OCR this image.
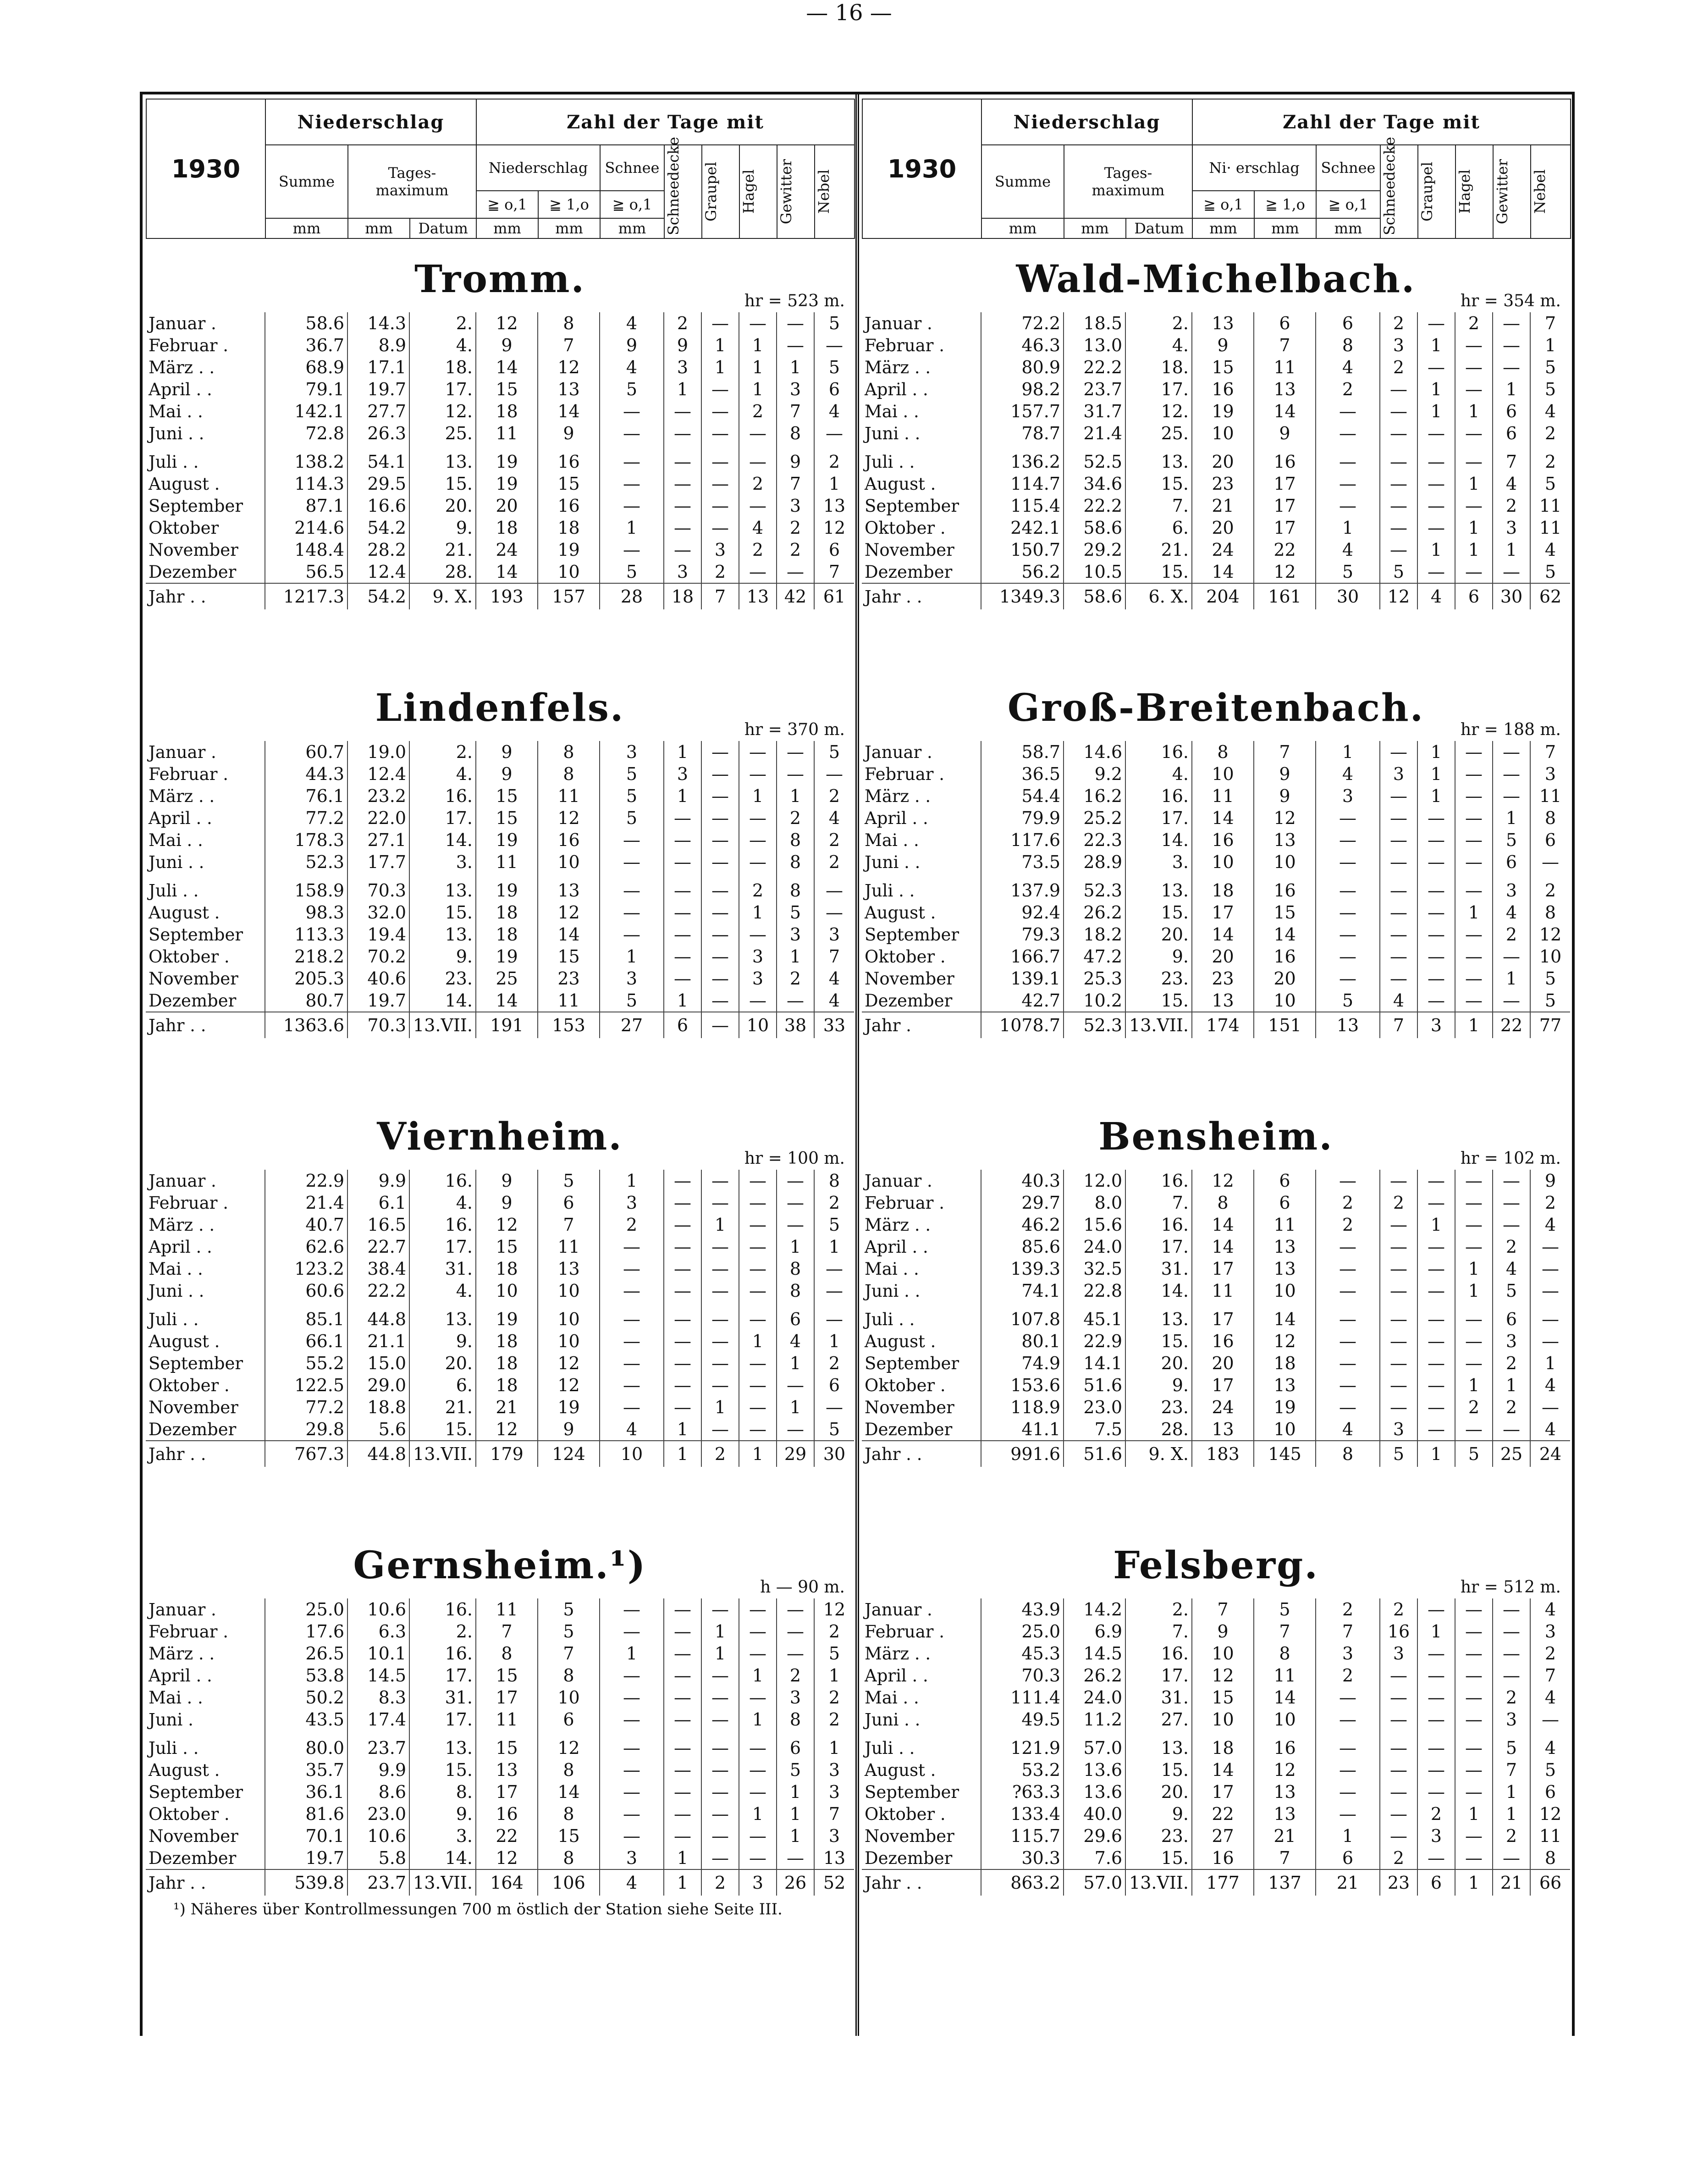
— 16 —
1930	Niederschlag			Zahl der Tage mit							
	Summe	Tages-
maximum		Niederschlag		Schnee	Schneedecke	Graupel	Hagel	Gewitter	Nebel

				≧ o,1	≧ 1,o	≧ o,1					
	mm	mm	Datum	mm	mm	mm					
Tromm.	hr = 523 m.
Januar .	58.6	14.3	2.	12	8	4	2	—	—	—	5
Februar .	36.7	8.9	4.	9	7	9	9	1	1	—	—
März . .	68.9	17.1	18.	14	12	4	3	1	1	1	5
April . .	79.1	19.7	17.	15	13	5	1	—	1	3	6
Mai . .	142.1	27.7	12.	18	14	—	—	—	2	7	4
Juni . .	72.8	26.3	25.	11	9	—	—	—	—	8	—

Juli . .	138.2	54.1	13.	19	16	—	—	—	—	9	2
August .	114.3	29.5	15.	19	15	—	—	—	2	7	1
September	87.1	16.6	20.	20	16	—	—	—	—	3	13
Oktober	214.6	54.2	9.	18	18	1	—	—	4	2	12
November	148.4	28.2	21.	24	19	—	—	3	2	2	6
Dezember	56.5	12.4	28.	14	10	5	3	2	—	—	7
Jahr . .	1217.3	54.2	9. X.	193	157	28	18	7	13	42	61
Lindenfels.	hr = 370 m.
Januar .	60.7	19.0	2.	9	8	3	1	—	—	—	5
Februar .	44.3	12.4	4.	9	8	5	3	—	—	—	—
März . .	76.1	23.2	16.	15	11	5	1	—	1	1	2
April . .	77.2	22.0	17.	15	12	5	—	—	—	2	4
Mai . .	178.3	27.1	14.	19	16	—	—	—	—	8	2
Juni . .	52.3	17.7	3.	11	10	—	—	—	—	8	2

Juli . .	158.9	70.3	13.	19	13	—	—	—	2	8	—
August .	98.3	32.0	15.	18	12	—	—	—	1	5	—
September	113.3	19.4	13.	18	14	—	—	—	—	3	3
Oktober .	218.2	70.2	9.	19	15	1	—	—	3	1	7
November	205.3	40.6	23.	25	23	3	—	—	3	2	4
Dezember	80.7	19.7	14.	14	11	5	1	—	—	—	4
Jahr . .	1363.6	70.3	13.VII.	191	153	27	6	—	10	38	33
Viernheim.	hr = 100 m.
Januar .	22.9	9.9	16.	9	5	1	—	—	—	—	8
Februar .	21.4	6.1	4.	9	6	3	—	—	—	—	2
März . .	40.7	16.5	16.	12	7	2	—	1	—	—	5
April . .	62.6	22.7	17.	15	11	—	—	—	—	1	1
Mai . .	123.2	38.4	31.	18	13	—	—	—	—	8	—
Juni . .	60.6	22.2	4.	10	10	—	—	—	—	8	—

Juli . .	85.1	44.8	13.	19	10	—	—	—	—	6	—
August .	66.1	21.1	9.	18	10	—	—	—	1	4	1
September	55.2	15.0	20.	18	12	—	—	—	—	1	2
Oktober .	122.5	29.0	6.	18	12	—	—	—	—	—	6
November	77.2	18.8	21.	21	19	—	—	1	—	1	—
Dezember	29.8	5.6	15.	12	9	4	1	—	—	—	5
Jahr . .	767.3	44.8	13.VII.	179	124	10	1	2	1	29	30
Gernsheim.¹)	h — 90 m.
Januar .	25.0	10.6	16.	11	5	—	—	—	—	—	12
Februar .	17.6	6.3	2.	7	5	—	—	1	—	—	2
März . .	26.5	10.1	16.	8	7	1	—	1	—	—	5
April . .	53.8	14.5	17.	15	8	—	—	—	1	2	1
Mai . .	50.2	8.3	31.	17	10	—	—	—	—	3	2
Juni .	43.5	17.4	17.	11	6	—	—	—	1	8	2

Juli . .	80.0	23.7	13.	15	12	—	—	—	—	6	1
August .	35.7	9.9	15.	13	8	—	—	—	—	5	3
September	36.1	8.6	8.	17	14	—	—	—	—	1	3
Oktober .	81.6	23.0	9.	16	8	—	—	—	1	1	7
November	70.1	10.6	3.	22	15	—	—	—	—	1	3
Dezember	19.7	5.8	14.	12	8	3	1	—	—	—	13
Jahr . .	539.8	23.7	13.VII.	164	106	4	1	2	3	26	52
¹) Näheres über Kontrollmessungen 700 m östlich der Station siehe Seite III.
1930	Niederschlag			Zahl der Tage mit							
	Summe	Tages-
maximum		Ni· erschlag		Schnee	Schneedecke	Graupel	Hagel	Gewitter	Nebel

				≧ o,1	≧ 1,o	≧ o,1					
	mm	mm	Datum	mm	mm	mm					
Wald-Michelbach.	hr = 354 m.
Januar .	72.2	18.5	2.	13	6	6	2	—	2	—	7
Februar .	46.3	13.0	4.	9	7	8	3	1	—	—	1
März . .	80.9	22.2	18.	15	11	4	2	—	—	—	5
April . .	98.2	23.7	17.	16	13	2	—	1	—	1	5
Mai . .	157.7	31.7	12.	19	14	—	—	1	1	6	4
Juni . .	78.7	21.4	25.	10	9	—	—	—	—	6	2

Juli . .	136.2	52.5	13.	20	16	—	—	—	—	7	2
August .	114.7	34.6	15.	23	17	—	—	—	1	4	5
September	115.4	22.2	7.	21	17	—	—	—	—	2	11
Oktober .	242.1	58.6	6.	20	17	1	—	—	1	3	11
November	150.7	29.2	21.	24	22	4	—	1	1	1	4
Dezember	56.2	10.5	15.	14	12	5	5	—	—	—	5
Jahr . .	1349.3	58.6	6. X.	204	161	30	12	4	6	30	62
Groß-Breitenbach. hr = 188 m.
Januar .	58.7	14.6	16.	8	7	1	—	1	—	—	7
Februar .	36.5	9.2	4.	10	9	4	3	1	—	—	3
März . .	54.4	16.2	16.	11	9	3	—	1	—	—	11
April . .	79.9	25.2	17.	14	12	—	—	—	—	1	8
Mai . .	117.6	22.3	14.	16	13	—	—	—	—	5	6
Juni . .	73.5	28.9	3.	10	10	—	—	—	—	6	—

Juli . .	137.9	52.3	13.	18	16	—	—	—	—	3	2
August .	92.4	26.2	15.	17	15	—	—	—	1	4	8
September	79.3	18.2	20.	14	14	—	—	—	—	2	12
Oktober .	166.7	47.2	9.	20	16	—	—	—	—	—	10
November	139.1	25.3	23.	23	20	—	—	—	—	1	5
Dezember	42.7	10.2	15.	13	10	5	4	—	—	—	5
Jahr .	1078.7	52.3	13.VII.	174	151	13	7	3	1	22	77
Bensheim.	hr = 102 m.
Januar .	40.3	12.0	16.	12	6	—	—	—	—	—	9
Februar .	29.7	8.0	7.	8	6	2	2	—	—	—	2
März . .	46.2	15.6	16.	14	11	2	—	1	—	—	4
April . .	85.6	24.0	17.	14	13	—	—	—	—	2	—
Mai . .	139.3	32.5	31.	17	13	—	—	—	1	4	—
Juni . .	74.1	22.8	14.	11	10	—	—	—	1	5	—

Juli . .	107.8	45.1	13.	17	14	—	—	—	—	6	—
August .	80.1	22.9	15.	16	12	—	—	—	—	3	—
September	74.9	14.1	20.	20	18	—	—	—	—	2	1
Oktober .	153.6	51.6	9.	17	13	—	—	—	1	1	4
November	118.9	23.0	23.	24	19	—	—	—	2	2	—
Dezember	41.1	7.5	28.	13	10	4	3	—	—	—	4
Jahr . .	991.6	51.6	9. X.	183	145	8	5	1	5	25	24
Felsberg.	hr = 512 m.
Januar .	43.9	14.2	2.	7	5	2	2	—	—	—	4
Februar .	25.0	6.9	7.	9	7	7	16	1	—	—	3
März . .	45.3	14.5	16.	10	8	3	3	—	—	—	2
April . .	70.3	26.2	17.	12	11	2	—	—	—	—	7
Mai . .	111.4	24.0	31.	15	14	—	—	—	—	2	4
Juni . .	49.5	11.2	27.	10	10	—	—	—	—	3	—

Juli . .	121.9	57.0	13.	18	16	—	—	—	—	5	4
August .	53.2	13.6	15.	14	12	—	—	—	—	7	5
September	?63.3	13.6	20.	17	13	—	—	—	—	1	6
Oktober .	133.4	40.0	9.	22	13	—	—	2	1	1	12
November	115.7	29.6	23.	27	21	1	—	3	—	2	11
Dezember	30.3	7.6	15.	16	7	6	2	—	—	—	8
Jahr . .	863.2	57.0	13.VII.	177	137	21	23	6	1	21	66
